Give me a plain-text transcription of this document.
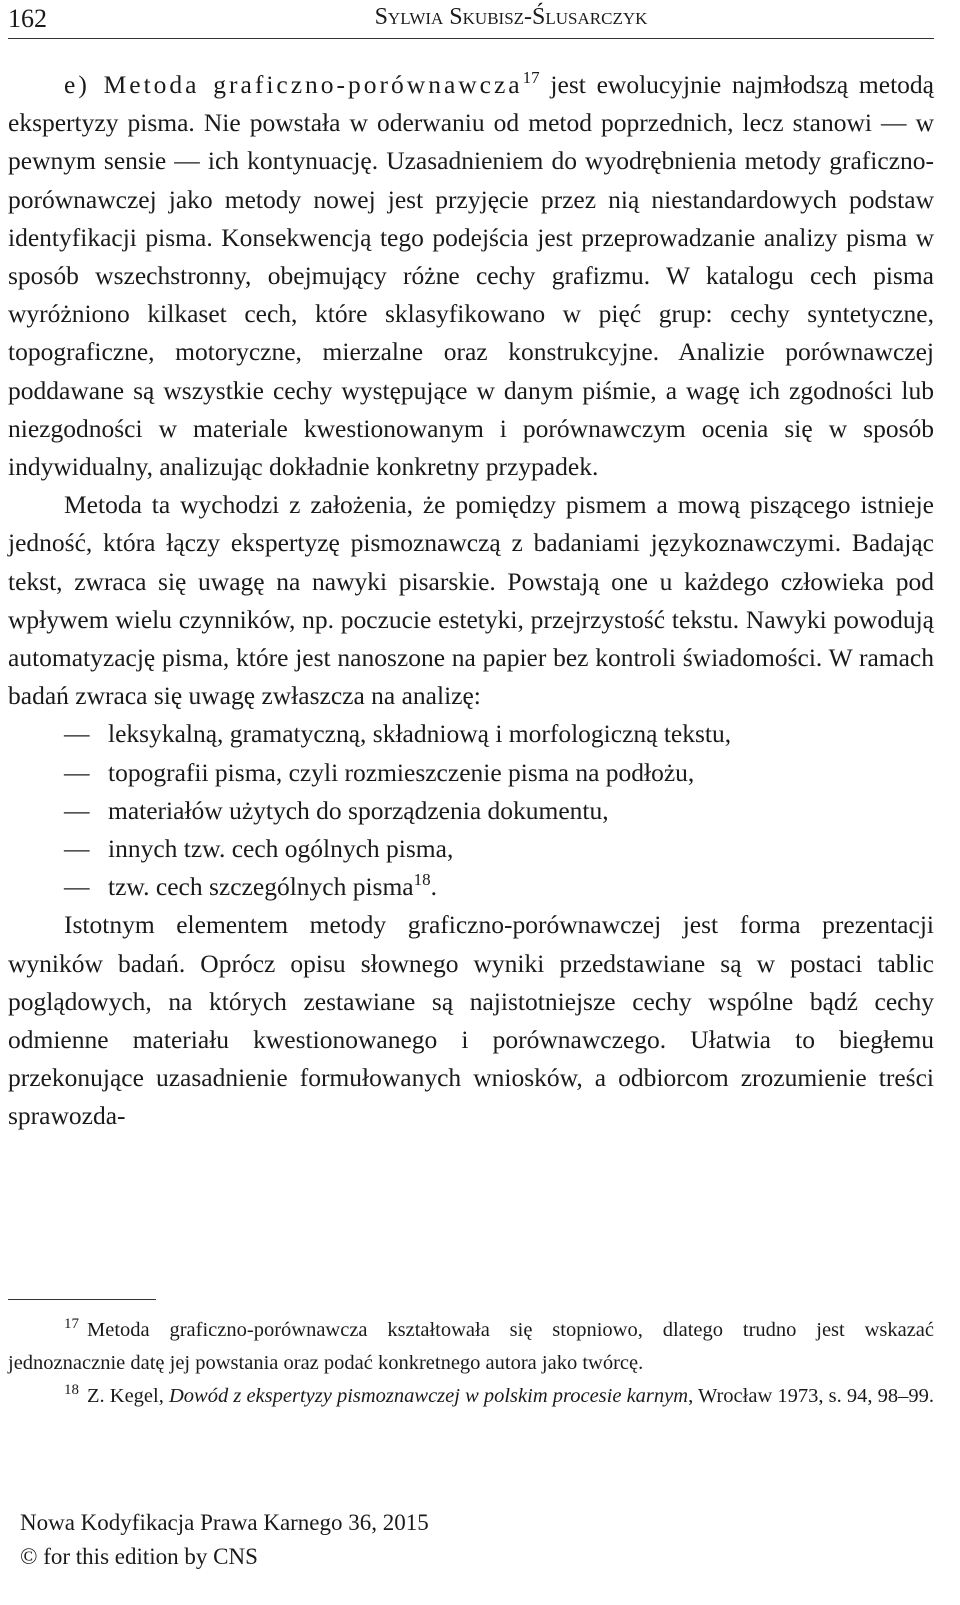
162	Sylwia Skubisz-Ślusarczyk

e) Metoda graficzno-porównawcza$^{17}$ jest ewolucyjnie najmłodszą metodą ekspertyzy pisma. Nie powstała w oderwaniu od metod poprzednich, lecz stanowi — w pewnym sensie — ich kontynuację. Uzasadnieniem do wyodrębnienia metody graficzno-porównawczej jako metody nowej jest przyjęcie przez nią niestandardowych podstaw identyfikacji pisma. Konsekwencją tego podejścia jest przeprowadzanie analizy pisma w sposób wszechstronny, obejmujący różne cechy grafizmu. W katalogu cech pisma wyróżniono kilkaset cech, które sklasyfikowano w pięć grup: cechy syntetyczne, topograficzne, motoryczne, mierzalne oraz konstrukcyjne. Analizie porównawczej poddawane są wszystkie cechy występujące w danym piśmie, a wagę ich zgodności lub niezgodności w materiale kwestionowanym i porównawczym ocenia się w sposób indywidualny, analizując dokładnie konkretny przypadek.

Metoda ta wychodzi z założenia, że pomiędzy pismem a mową piszącego istnieje jedność, która łączy ekspertyzę pismoznawczą z badaniami językoznawczymi. Badając tekst, zwraca się uwagę na nawyki pisarskie. Powstają one u każdego człowieka pod wpływem wielu czynników, np. poczucie estetyki, przejrzystość tekstu. Nawyki powodują automatyzację pisma, które jest nanoszone na papier bez kontroli świadomości. W ramach badań zwraca się uwagę zwłaszcza na analizę:

— leksykalną, gramatyczną, składniową i morfologiczną tekstu,
— topografii pisma, czyli rozmieszczenie pisma na podłożu,
— materiałów użytych do sporządzenia dokumentu,
— innych tzw. cech ogólnych pisma,
— tzw. cech szczególnych pisma$^{18}$.

Istotnym elementem metody graficzno-porównawczej jest forma prezentacji wyników badań. Oprócz opisu słownego wyniki przedstawiane są w postaci tablic poglądowych, na których zestawiane są najistotniejsze cechy wspólne bądź cechy odmienne materiału kwestionowanego i porównawczego. Ułatwia to biegłemu przekonujące uzasadnienie formułowanych wniosków, a odbiorcom zrozumienie treści sprawozda-

$^{17}$ Metoda graficzno-porównawcza kształtowała się stopniowo, dlatego trudno jest wskazać jednoznacznie datę jej powstania oraz podać konkretnego autora jako twórcę.

$^{18}$ Z. Kegel, Dowód z ekspertyzy pismoznawczej w polskim procesie karnym, Wrocław 1973, s. 94, 98–99.

Nowa Kodyfikacja Prawa Karnego 36, 2015
© for this edition by CNS
